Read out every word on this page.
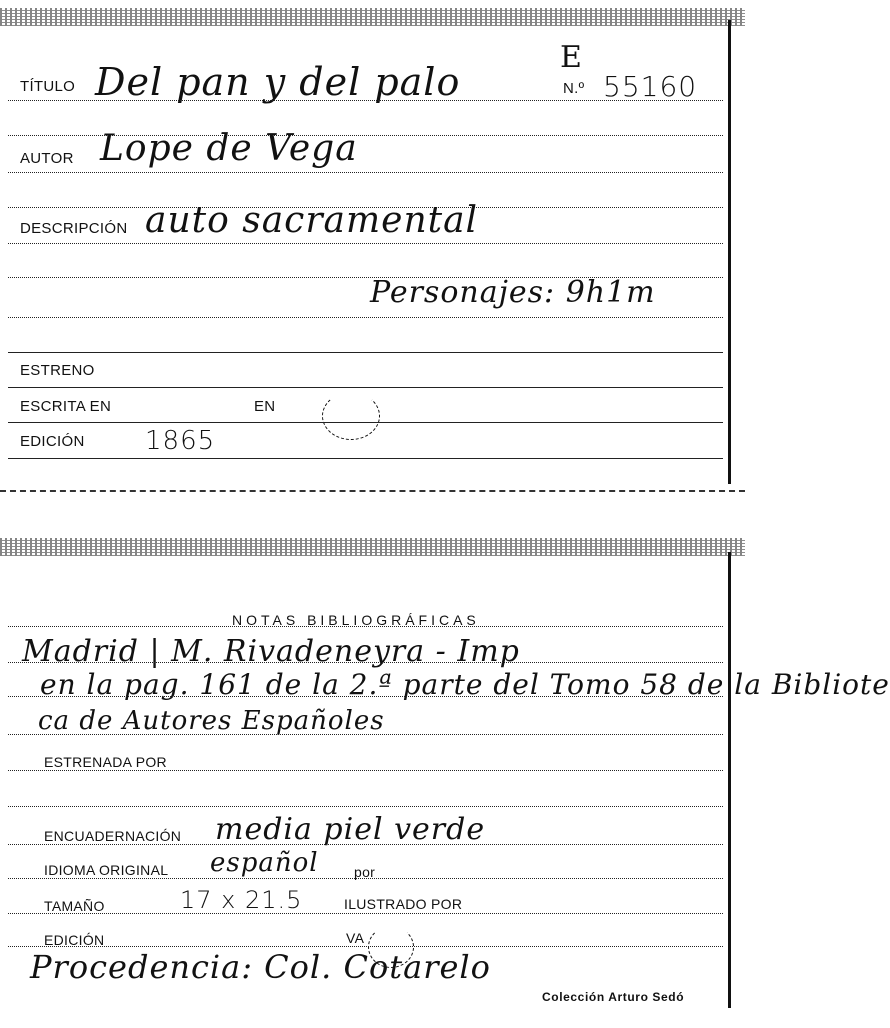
E
TÍTULO Del pan y del palo	N.º 55160
AUTOR Lope de Vega
DESCRIPCIÓN auto sacramental
Personajes: 9h1m
ESTRENO
ESCRITA EN	EN
EDICIÓN 1865
NOTAS BIBLIOGRÁFICAS
Madrid | M. Rivadeneyra - Imp
en la pag. 161 de la 2.ª parte del Tomo 58 de la Bibliote
ca de Autores Españoles
ESTRENADA POR
ENCUADERNACIÓN media piel verde
IDIOMA ORIGINAL español	por
TAMAÑO	17 x 21.5	ILUSTRADO POR
EDICIÓN	VA
Procedencia: Col. Cotarelo
Colección Arturo Sedó
